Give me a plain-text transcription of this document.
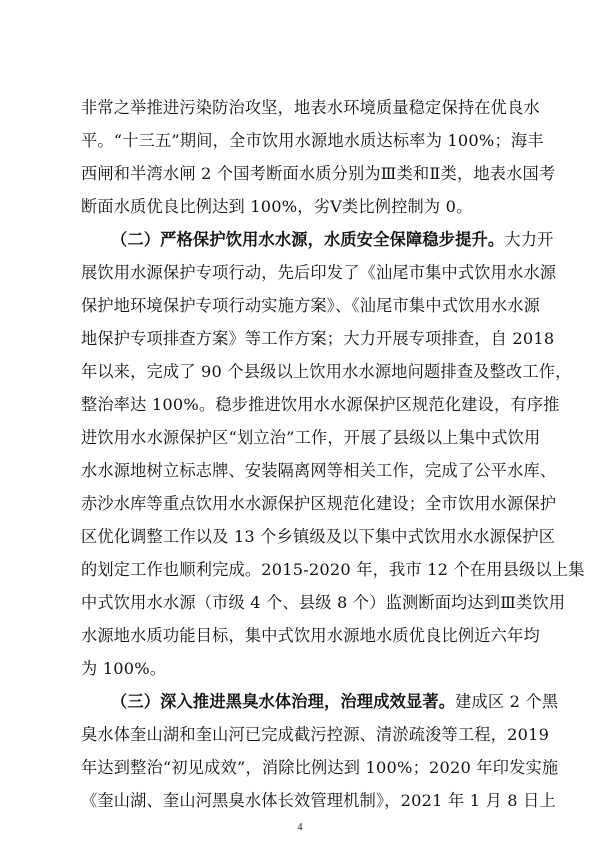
非常之举推进污染防治攻坚，地表水环境质量稳定保持在优良水
平。“十三五”期间，全市饮用水源地水质达标率为 100%；海丰
西闸和半湾水闸 2 个国考断面水质分别为Ⅲ类和Ⅱ类，地表水国考
断面水质优良比例达到 100%，劣Ⅴ类比例控制为 0。
（二）严格保护饮用水水源，水质安全保障稳步提升。大力开
展饮用水源保护专项行动，先后印发了《汕尾市集中式饮用水水源
保护地环境保护专项行动实施方案》、《汕尾市集中式饮用水水源
地保护专项排查方案》等工作方案；大力开展专项排查，自 2018
年以来，完成了 90 个县级以上饮用水水源地问题排查及整改工作，
整治率达 100%。稳步推进饮用水水源保护区规范化建设，有序推
进饮用水水源保护区“划立治”工作，开展了县级以上集中式饮用
水水源地树立标志牌、安装隔离网等相关工作，完成了公平水库、
赤沙水库等重点饮用水水源保护区规范化建设；全市饮用水源保护
区优化调整工作以及 13 个乡镇级及以下集中式饮用水水源保护区
的划定工作也顺利完成。2015-2020 年，我市 12 个在用县级以上集
中式饮用水水源（市级 4 个、县级 8 个）监测断面均达到Ⅲ类饮用
水源地水质功能目标，集中式饮用水源地水质优良比例近六年均
为 100%。
（三）深入推进黑臭水体治理，治理成效显著。建成区 2 个黑
臭水体奎山湖和奎山河已完成截污控源、清淤疏浚等工程，2019
年达到整治“初见成效”，消除比例达到 100%；2020 年印发实施
《奎山湖、奎山河黑臭水体长效管理机制》，2021 年 1 月 8 日上
4
